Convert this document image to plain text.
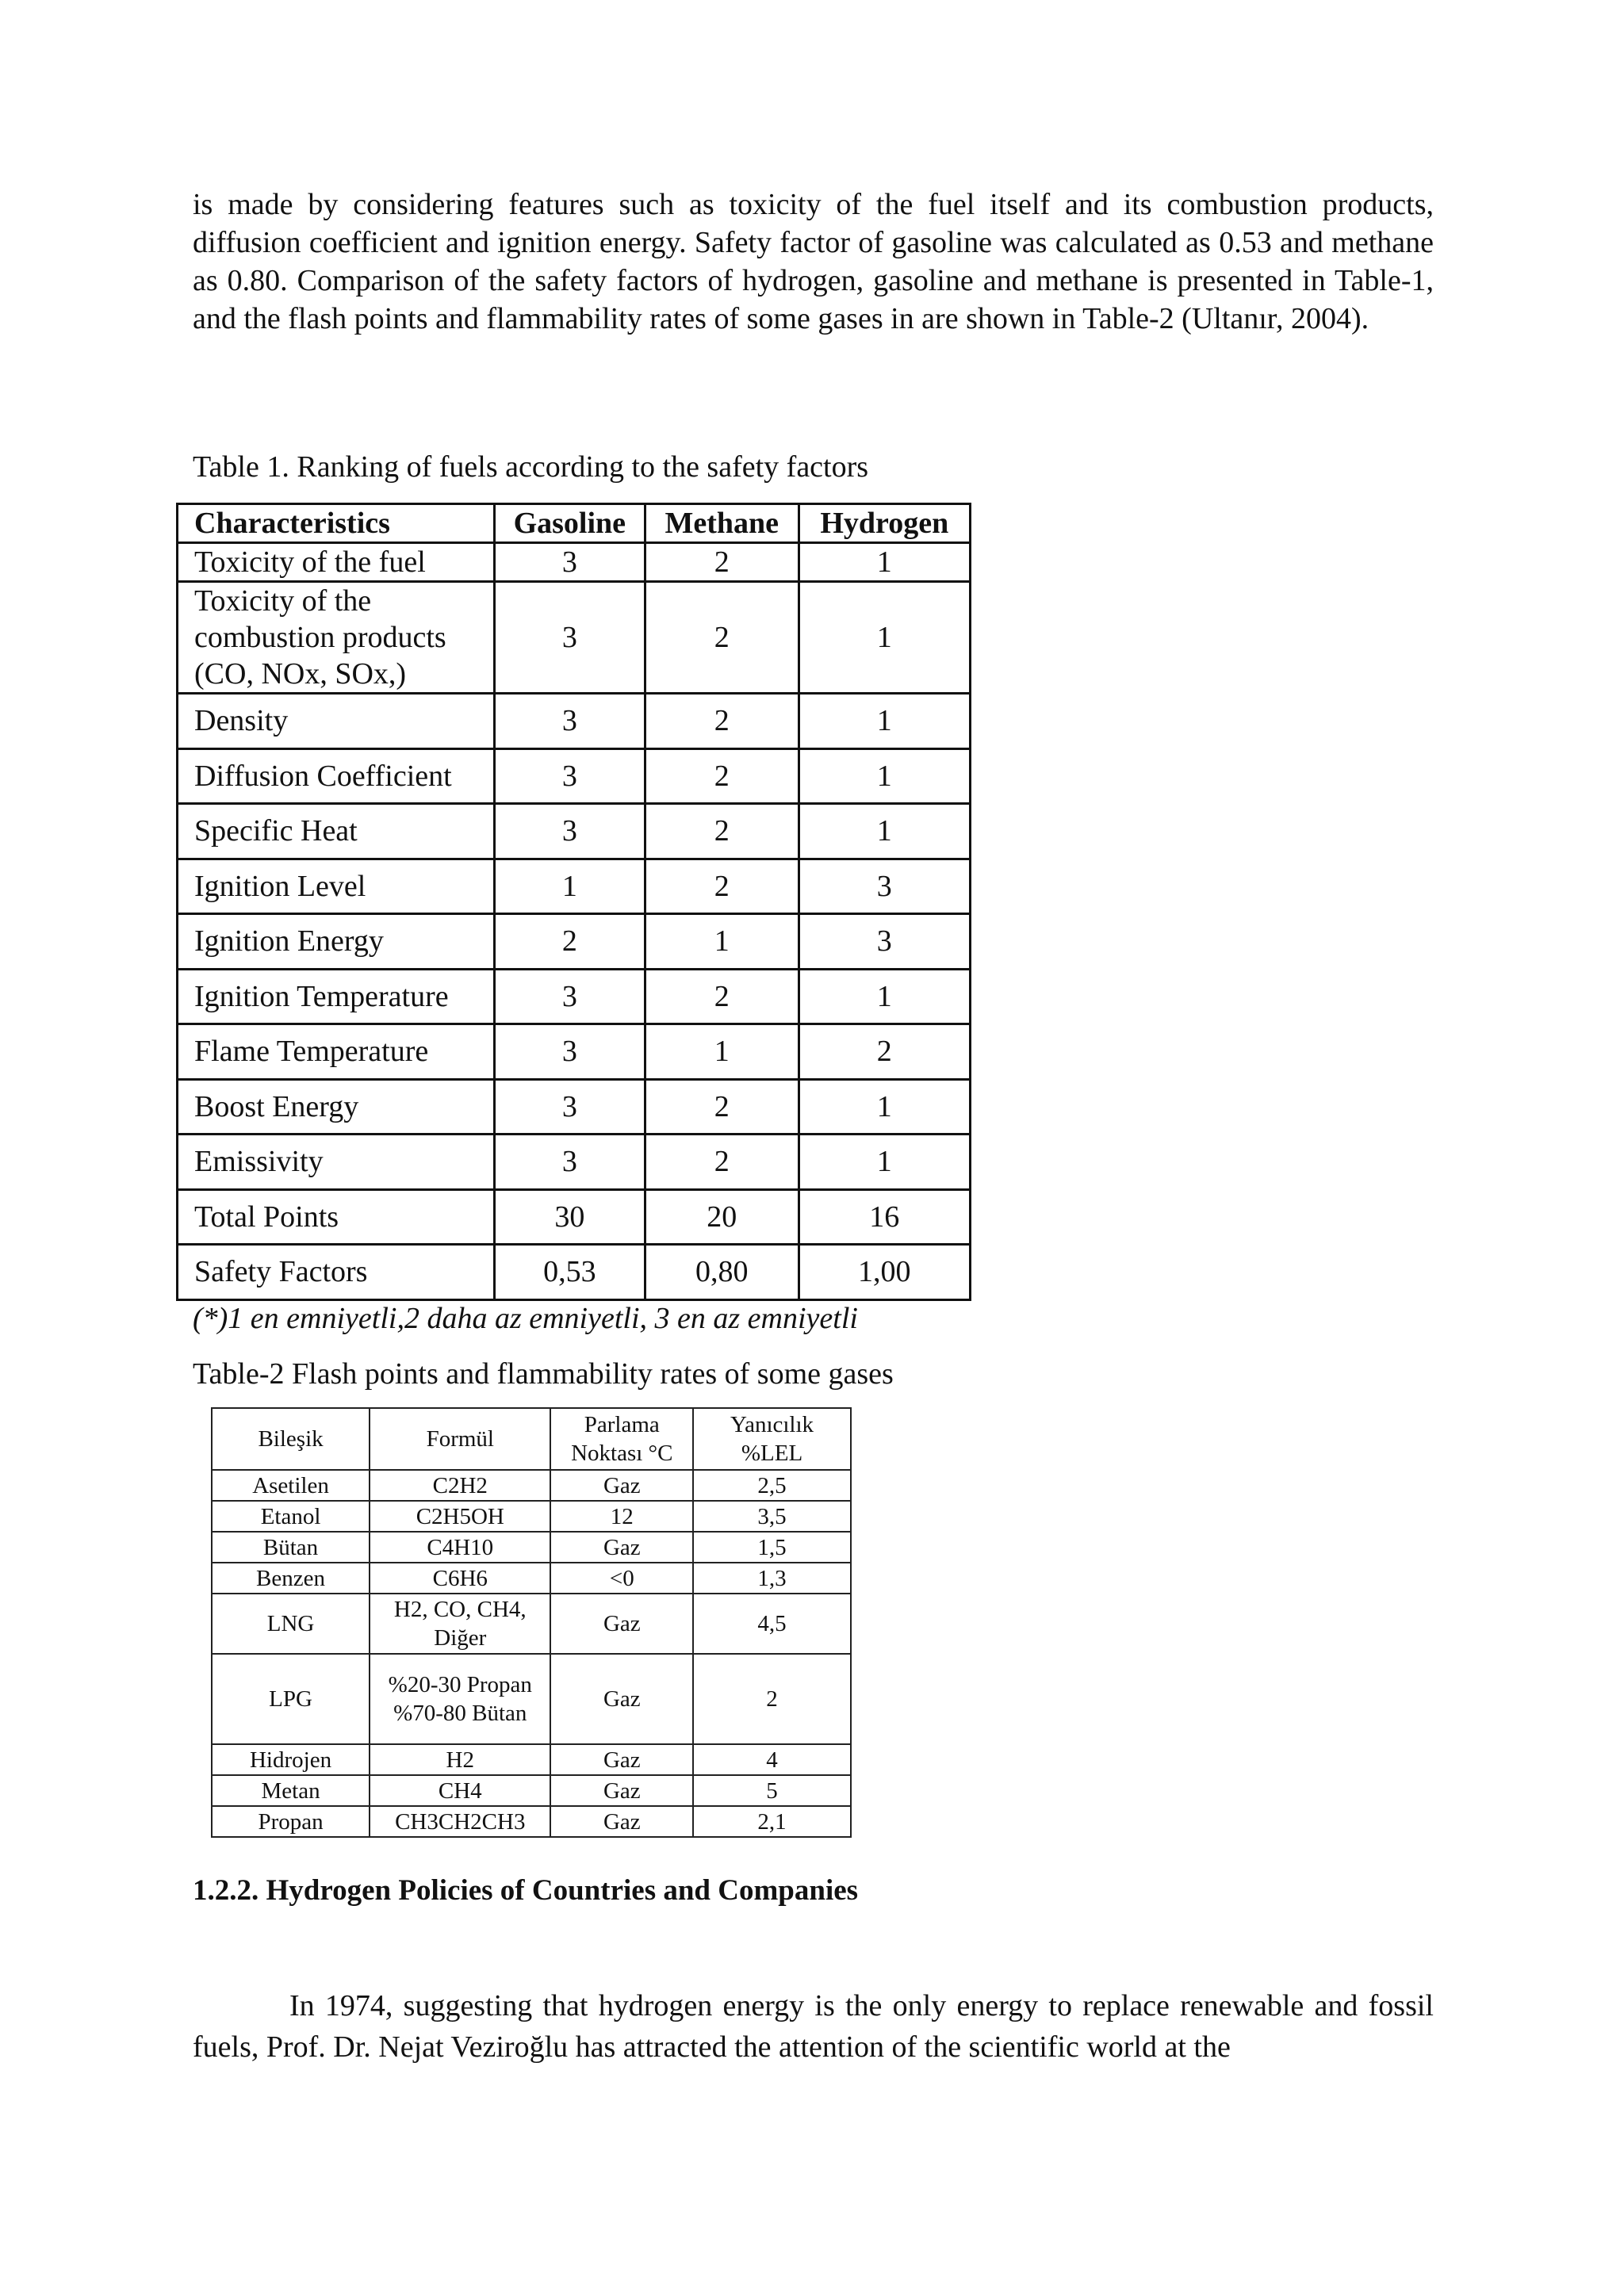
is made by considering features such as toxicity of the fuel itself and its combustion products, diffusion coefficient and ignition energy. Safety factor of gasoline was calculated as 0.53 and methane as 0.80. Comparison of the safety factors of hydrogen, gasoline and methane is presented in Table-1, and the flash points and flammability rates of some gases in are shown in Table-2 (Ultanır, 2004).

Table 1. Ranking of fuels according to the safety factors
Characteristics	Gasoline	Methane	Hydrogen
Toxicity of the fuel	3	2	1
Toxicity of the combustion products (CO, NOx, SOx,)	3	2	1
Density	3	2	1
Diffusion Coefficient	3	2	1
Specific Heat	3	2	1
Ignition Level	1	2	3
Ignition Energy	2	1	3
Ignition Temperature	3	2	1
Flame Temperature	3	1	2
Boost Energy	3	2	1
Emissivity	3	2	1
Total Points	30	20	16
Safety Factors	0,53	0,80	1,00
(*)1 en emniyetli,2 daha az emniyetli, 3 en az emniyetli
Table-2 Flash points and flammability rates of some gases
Bileşik	Formül	Parlama Noktası °C	Yanıcılık %LEL
Asetilen	C2H2	Gaz	2,5
Etanol	C2H5OH	12	3,5
Bütan	C4H10	Gaz	1,5
Benzen	C6H6	<0	1,3
LNG	H2, CO, CH4, Diğer	Gaz	4,5
LPG	%20-30 Propan %70-80 Bütan	Gaz	2
Hidrojen	H2	Gaz	4
Metan	CH4	Gaz	5
Propan	CH3CH2CH3	Gaz	2,1
1.2.2. Hydrogen Policies of Countries and Companies

In 1974, suggesting that hydrogen energy is the only energy to replace renewable and fossil fuels, Prof. Dr. Nejat Veziroğlu has attracted the attention of the scientific world at the
